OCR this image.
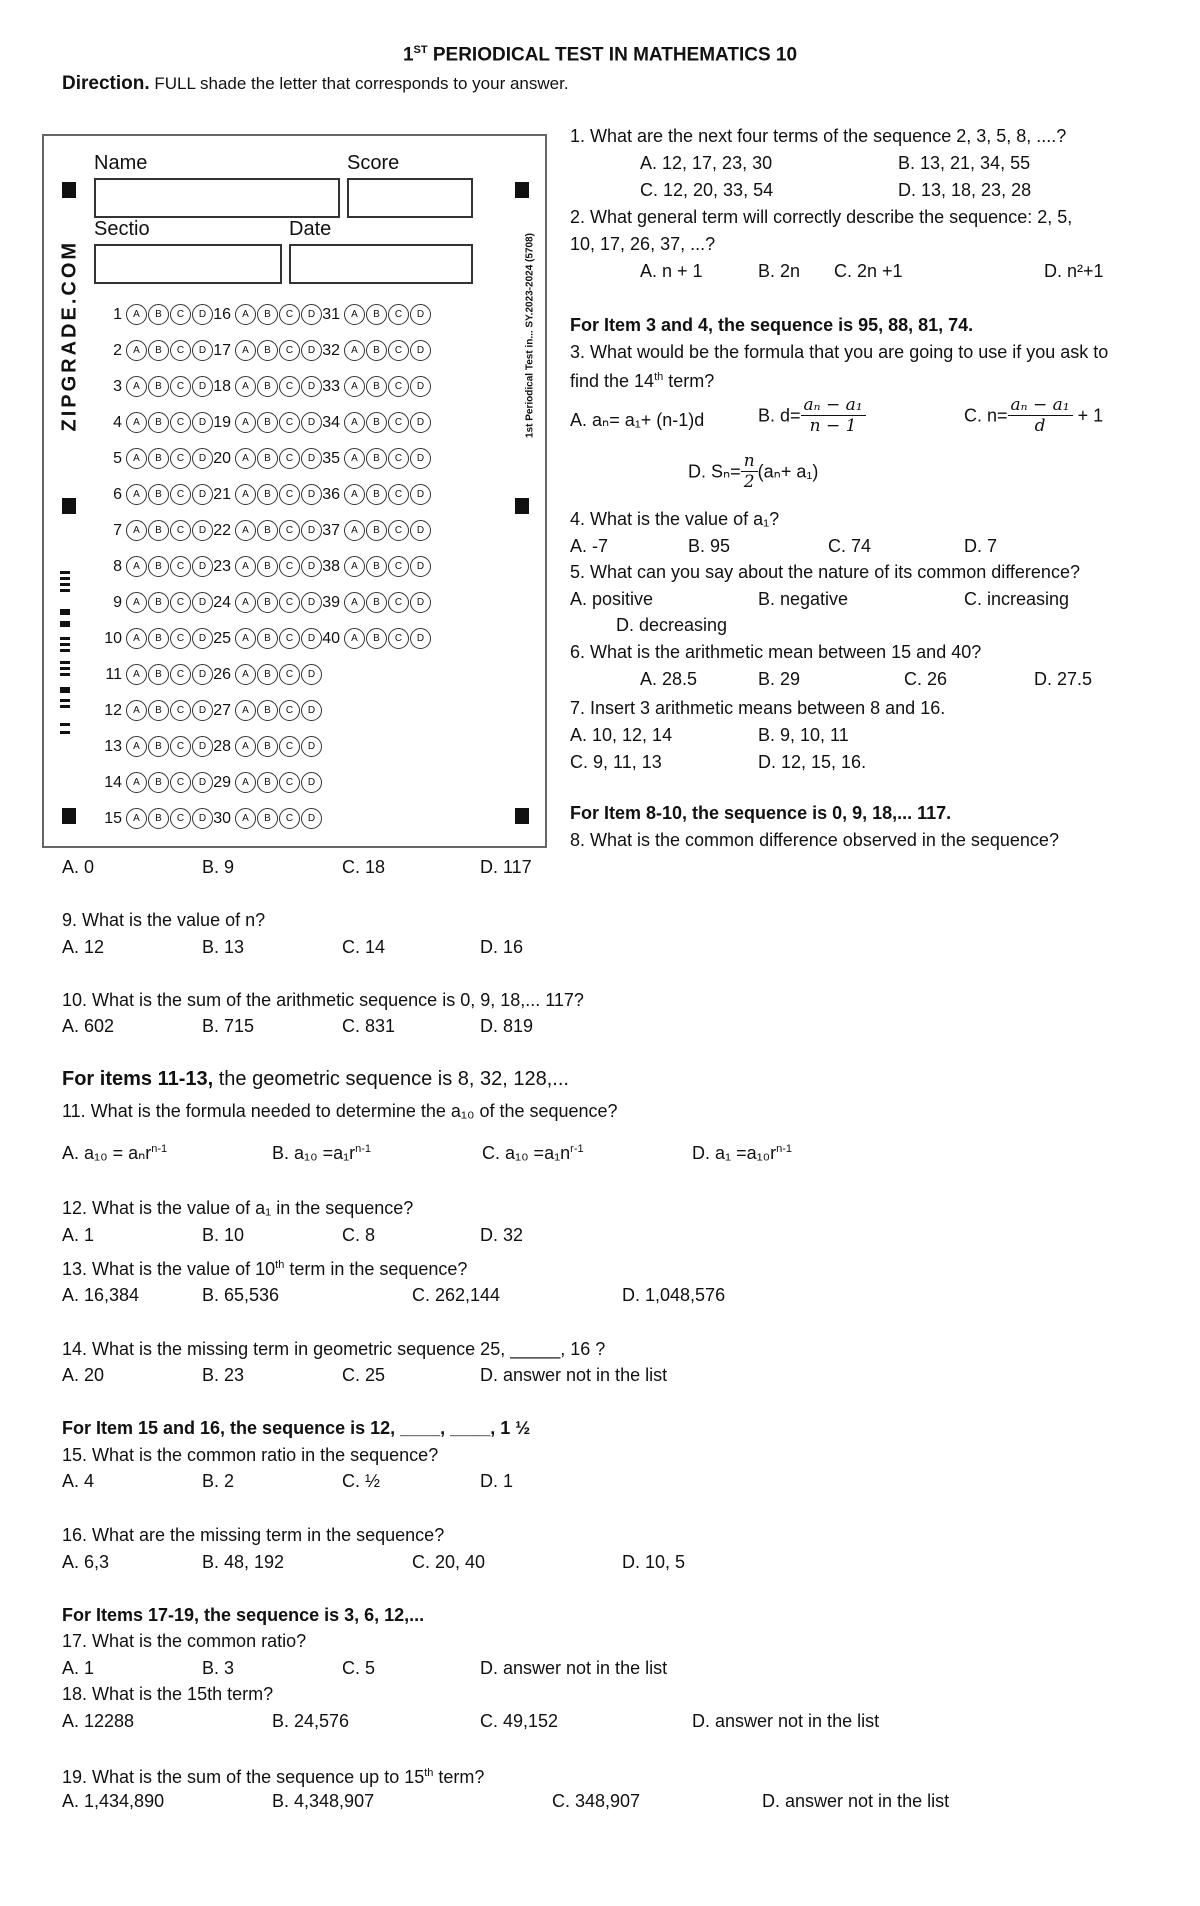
1ST PERIODICAL TEST IN MATHEMATICS 10
Direction. FULL shade the letter that corresponds to your answer.
Name	Score
Sectio	Date
1	A	B	C	D 16	A	B	C	D 31	A	B	C	D
2	A	B	C	D 17	A	B	C	D 32	A	B	C	D
3	A	B	C	D 18	A	B	C	D 33	A	B	C	D
4	A	B	C	D 19	A	B	C	D 34	A	B	C	D
5	A	B	C	D 20	A	B	C	D 35	A	B	C	D
6	A	B	C	D 21	A	B	C	D 36	A	B	C	D
7	A	B	C	D 22	A	B	C	D 37	A	B	C	D
8	A	B	C	D 23	A	B	C	D 38	A	B	C	D
9	A	B	C	D 24	A	B	C	D 39	A	B	C	D
10	A	B	C	D 25	A	B	C	D 40	A	B	C	D
11	A	B	C	D 26	A	B	C	D
12	A	B	C	D 27	A	B	C	D
13	A	B	C	D 28	A	B	C	D
14	A	B	C	D 29	A	B	C	D
15	A	B	C	D 30	A	B	C	D
ZIPGRADE.COM	1st Periodical Test in... SY.2023-2024 (5708)
1. What are the next four terms of the sequence 2, 3, 5, 8, ....?
A. 12, 17, 23, 30	B. 13, 21, 34, 55
C. 12, 20, 33, 54	D. 13, 18, 23, 28
2. What general term will correctly describe the sequence: 2, 5,
10, 17, 26, 37, ...?
A. n + 1	B. 2n C. 2n +1	D. n²+1
For Item 3 and 4, the sequence is 95, 88, 81, 74.
3. What would be the formula that you are going to use if you ask to
find the 14th term?
A. aₙ= a₁+ (n-1)d	B. $d= \frac{\text{aₙ − a₁}}{n - 1}$	C. $n= \frac{\text{aₙ − a₁}}{d} + 1$
D. $S_n= \frac{n}{2} (a_n+ a_1)$
4. What is the value of a₁?
A. -7	B. 95	C. 74	D. 7
5. What can you say about the nature of its common difference?
A. positive	B. negative	C. increasing
D. decreasing
6. What is the arithmetic mean between 15 and 40?
A. 28.5	B. 29	C. 26	D. 27.5
7. Insert 3 arithmetic means between 8 and 16.
A. 10, 12, 14	B. 9, 10, 11
C. 9, 11, 13	D. 12, 15, 16.
For Item 8-10, the sequence is 0, 9, 18,... 117.
8. What is the common difference observed in the sequence?
A. 0	B. 9	C. 18	D. 117
9. What is the value of n?
A. 12	B. 13	C. 14	D. 16
10. What is the sum of the arithmetic sequence is 0, 9, 18,... 117?
A. 602	B. 715	C. 831	D. 819
For items 11-13, the geometric sequence is 8, 32, 128,...
11. What is the formula needed to determine the a₁₀ of the sequence?
A. a₁₀ = aₙr$^{n-1}$	B. $a_{10} =a_1r^{n-1}$	C. $a_{10} =a_1n^{r-1}$	D. $a_1 =a_{10}r^{n-1}$
12. What is the value of a₁ in the sequence?
A. 1	B. 10	C. 8	D. 32
13. What is the value of 10th term in the sequence?
A. 16,384	B. 65,536	C. 262,144	D. 1,048,576
14. What is the missing term in geometric sequence 25, _____, 16 ?
A. 20	B. 23	C. 25	D. answer not in the list
For Item 15 and 16, the sequence is 12, ____, ____, 1 ½
15. What is the common ratio in the sequence?
A. 4	B. 2	C. ½	D. 1
16. What are the missing term in the sequence?
A. 6,3	B. 48, 192	C. 20, 40	D. 10, 5
For Items 17-19, the sequence is 3, 6, 12,...
17. What is the common ratio?
A. 1	B. 3	C. 5	D. answer not in the list
18. What is the 15th term?
A. 12288	B. 24,576	C. 49,152	D. answer not in the list
19. What is the sum of the sequence up to 15th term?
A. 1,434,890	B. 4,348,907	C. 348,907	D. answer not in the list
